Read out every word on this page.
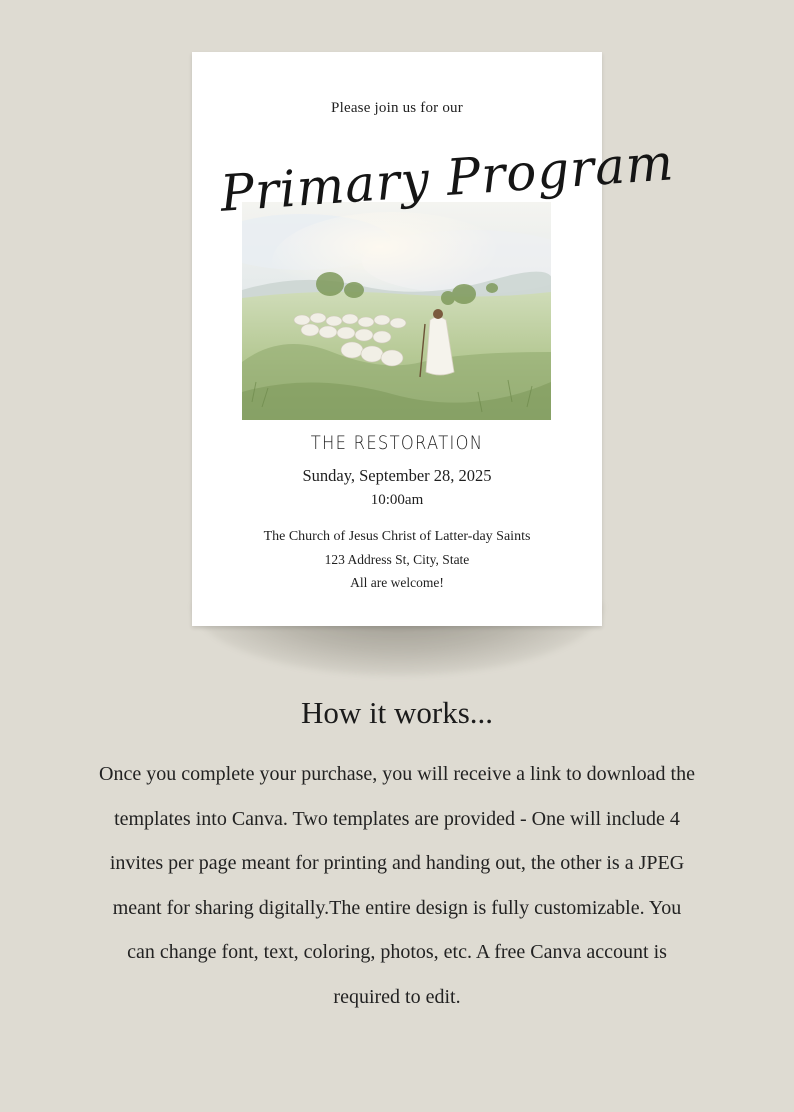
Please join us for our
Primary Program
THE RESTORATION
Sunday, September 28, 2025
10:00am
The Church of Jesus Christ of Latter-day Saints
123 Address St, City, State
All are welcome!
How it works...

Once you complete your purchase, you will receive a link to download the templates into Canva. Two templates are provided - One will include 4 invites per page meant for printing and handing out, the other is a JPEG meant for sharing digitally.The entire design is fully customizable. You can change font, text, coloring, photos, etc. A free Canva account is required to edit.
